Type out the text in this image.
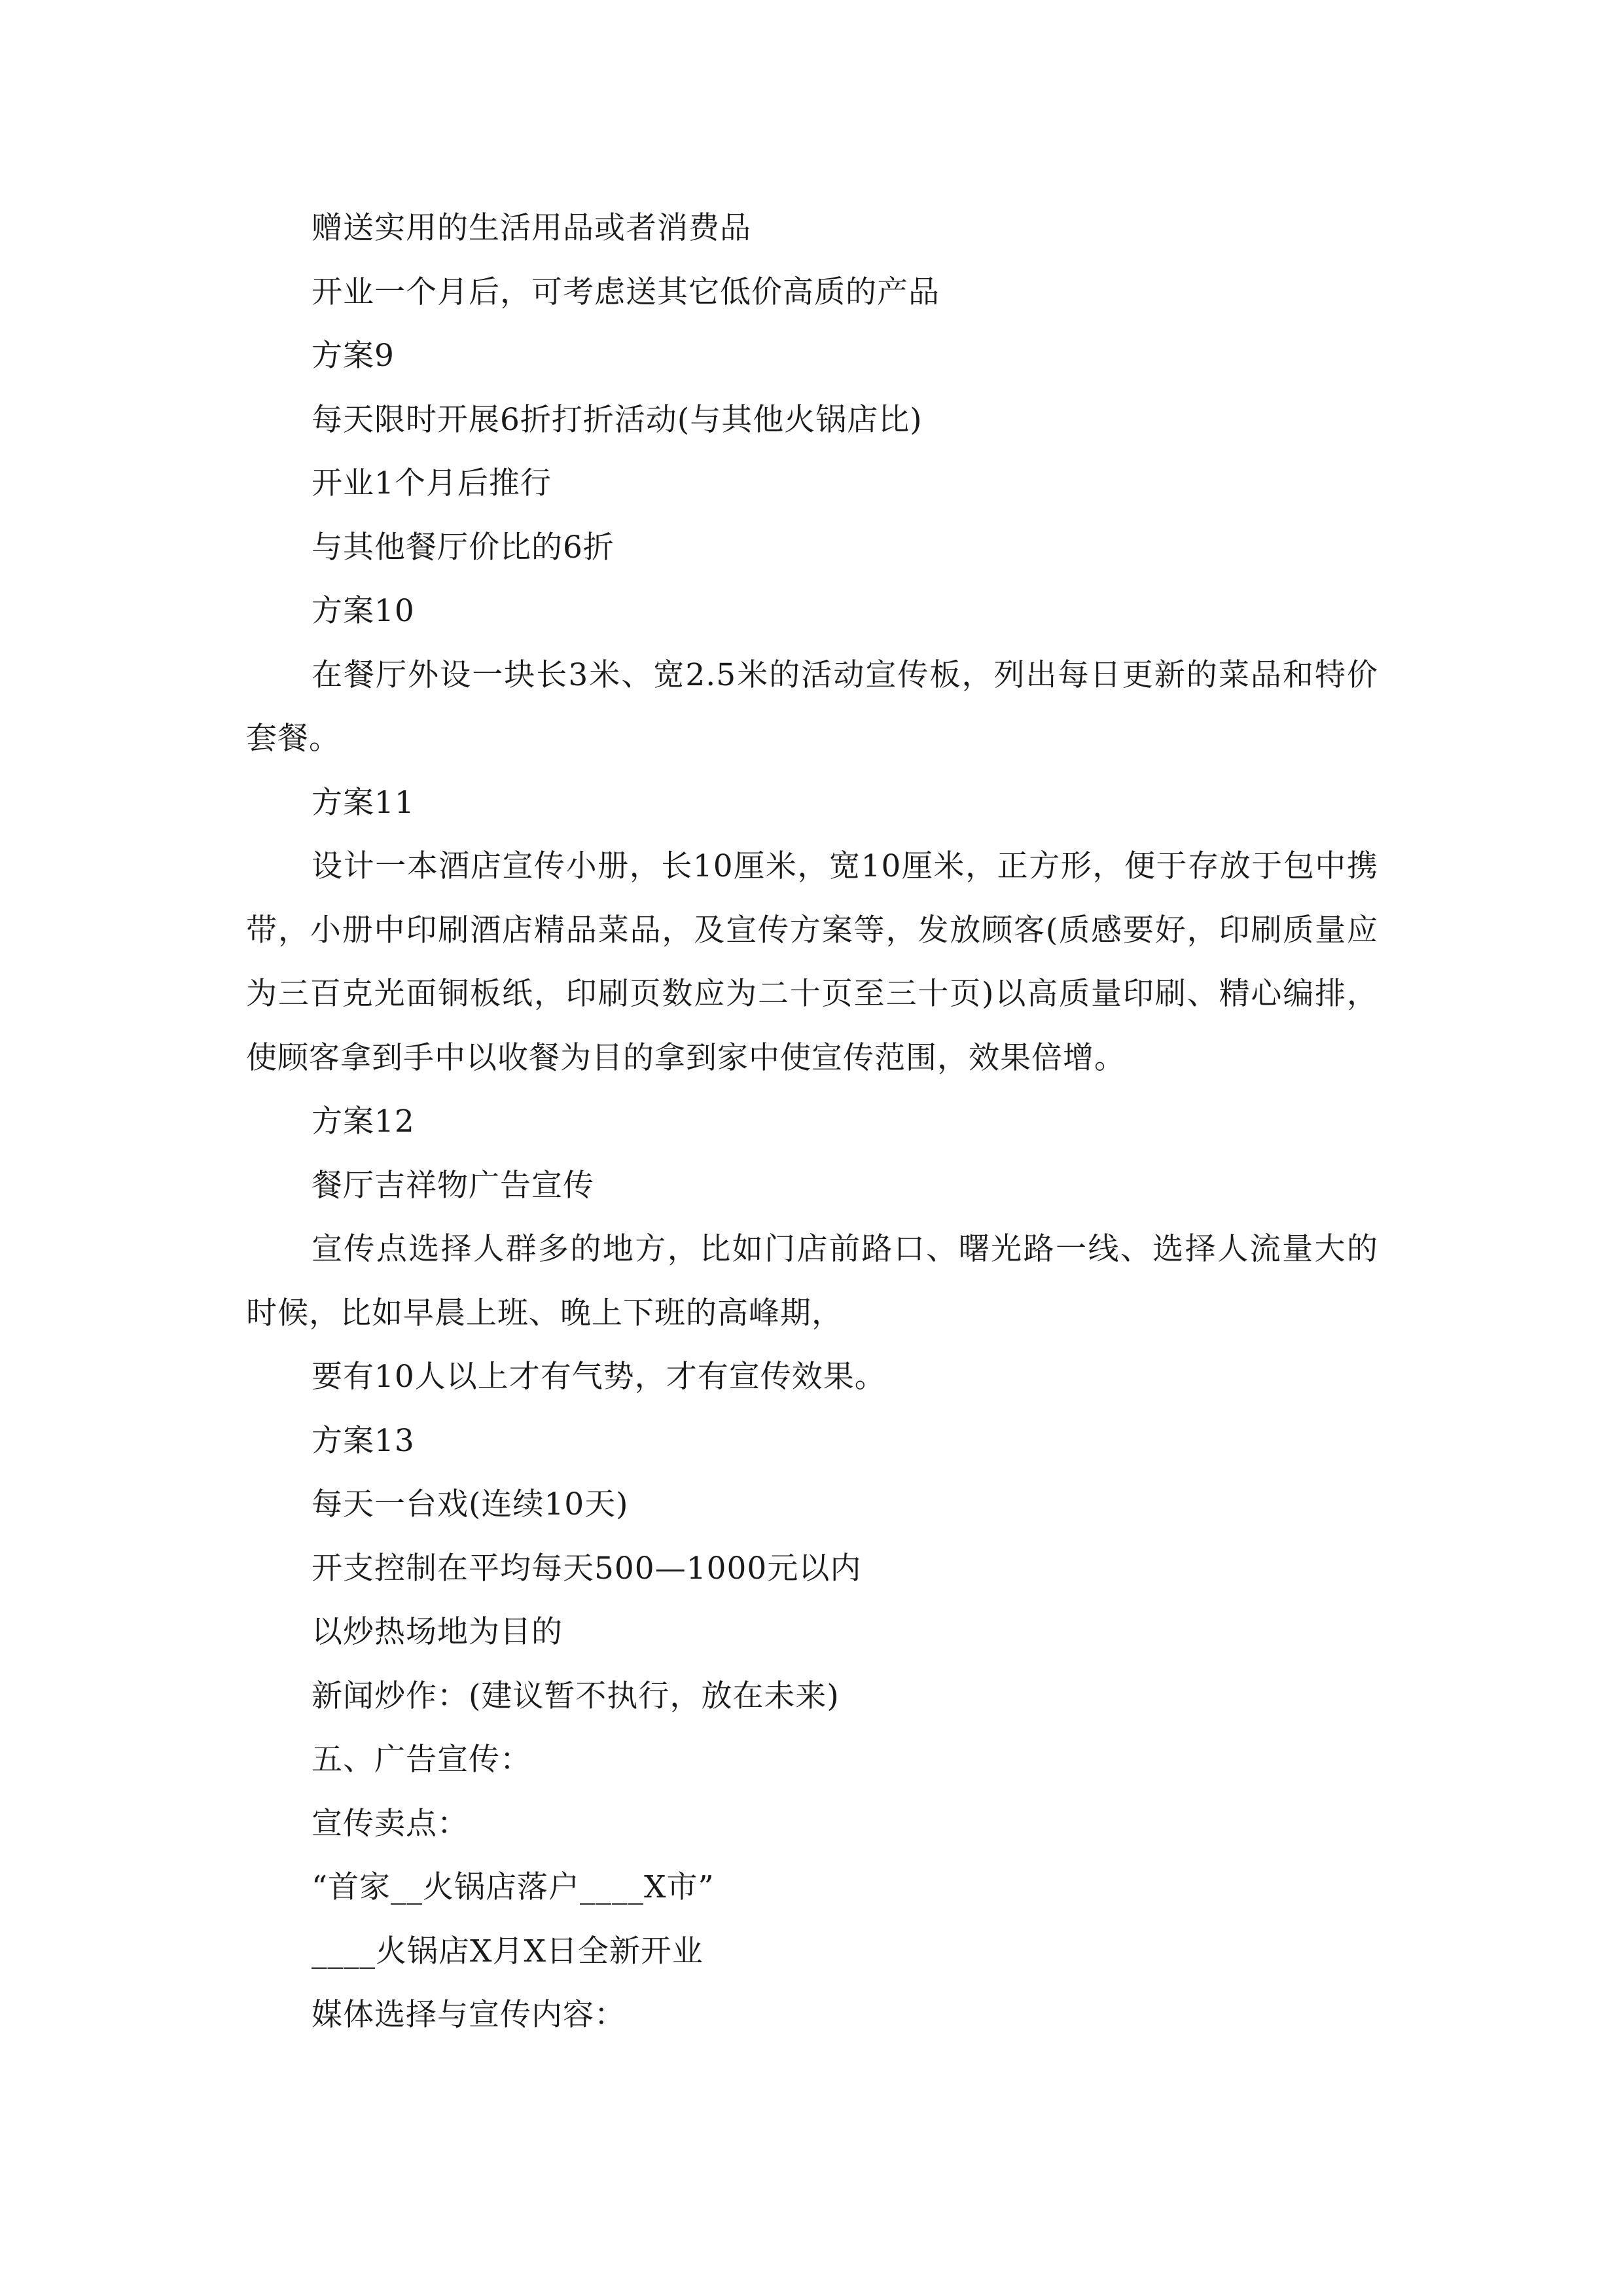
赠送实用的生活用品或者消费品
开业一个月后，可考虑送其它低价高质的产品
方案9
每天限时开展6折打折活动(与其他火锅店比)
开业1个月后推行
与其他餐厅价比的6折
方案10
在餐厅外设一块长3米、宽2.5米的活动宣传板，列出每日更新的菜品和特价套餐。
方案11
设计一本酒店宣传小册，长10厘米，宽10厘米，正方形，便于存放于包中携带，小册中印刷酒店精品菜品，及宣传方案等，发放顾客(质感要好，印刷质量应为三百克光面铜板纸，印刷页数应为二十页至三十页)以高质量印刷、精心编排，使顾客拿到手中以收餐为目的拿到家中使宣传范围，效果倍增。
方案12
餐厅吉祥物广告宣传
宣传点选择人群多的地方，比如门店前路口、曙光路一线、选择人流量大的时候，比如早晨上班、晚上下班的高峰期，
要有10人以上才有气势，才有宣传效果。
方案13
每天一台戏(连续10天)
开支控制在平均每天500—1000元以内
以炒热场地为目的
新闻炒作：(建议暂不执行，放在未来)
五、广告宣传：
宣传卖点：
“首家__火锅店落户____X市”
____火锅店X月X日全新开业
媒体选择与宣传内容：
